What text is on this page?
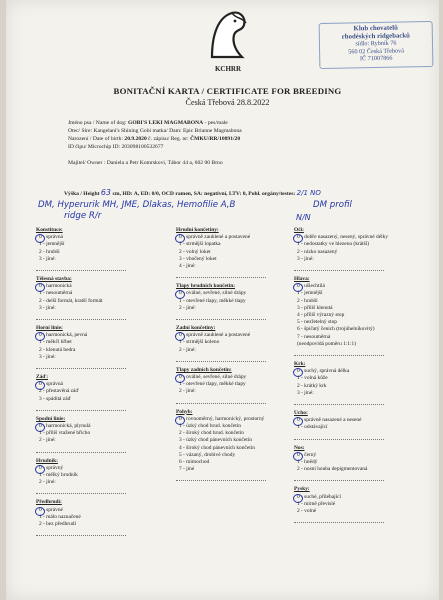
KCHRR
Klub chovatelů
rhodéských ridgebacků
sídlo: Rybník 76
560 02 Česká Třebová
IČ 71007866
BONITAČNÍ KARTA / CERTIFICATE FOR BREEDING
Česká Třebová 28.8.2022
Jméno psa / Name of dog: GOBI'S LEKI MAGMABONA - pes/male
Otec/ Sire: Kangelani's Shining Gobi matka/ Dam: Epic Brianne Magmabona
Narození / Date of birth: 20.9.2020 č. zápisu/ Reg. nr: ČMKU/RR/10891/20
ID čipu/ Microchip ID: 203098100532677
Majitel/ Owner : Daniela a Petr Komrskovi, Tábor 44 a, 602 00 Brno
Výška / Height 63 cm, HD: A, ED: 0/0, OCD ramen, SA: negativní, LTV: 0, Pohl. orgány/testes: 2/1 NO
DM, Hyperurik MH, JME, Dlakas, Hemofilie A,B	DM profil
ridge R/r	N/N
Konstituce:
0 - správná
1 - jemnější
2 - hrubší
3 - jiné:
Tělesná stavba:
0 - harmonická
1 - nesouměrná
2 - delší formát, kratší formát
3 - jiné:
Horní linie:
0 - harmonická, pevná
1 - měkčí hřbet
2 - klenutá bedra
3 - jiné:
Záď:
0 - správná
2 - přestavěná záď
3 - spáditá záď
Spodní linie:
0 - harmonická, plynulá
1 - příliš vtažené břicho
2 - jiné:
Hrudník:
0 - správný
1 - mělký hrudník
2 - jiné:
Předhrudí:
0 - správné
1 - málo naznačené
2 - bez předhrudí
Hrudní končetiny:
0 - správně zauhlené a postavené
1 - strmější lopatka
2 - volný loket
3 - vbočený loket
4 - jiné:
Tlapy hrudních končetin:
0 - oválné, sevřené, silné drápy
1 - otevřené tlapy, měkké tlapy
2 - jiné:
Zadní končetiny:
0 - správně zauhlené a postavené
1 - strmější koleno
2 - jiné:
Tlapy zadních končetin:
0 - oválné, sevřené, silné drápy
1 - otevřené tlapy, měkké tlapy
2 - jiné:
Pohyb:
0 - rovnoměrný, harmonický, prostorný
1 - úzký chod hrud. končetin
2 - široký chod hrud. končetin
3 - úzký chod pánevních končetin
4 - široký chod pánevních končetin
5 - vázaný, drobivé chody
6 - mimochod
7 - jiné
Oči:
0 - dobře nasazený, nesený, správné délky
1 - nedostatky ve hlezenu (krátší)
2 - nízko nasazený
3 - jiné:
Hlava:
0 - ušlechtilá
1 - jemnější
2 - hrubší
3 - příliš klenutá
4 - příliš výrazný stop
5 - nezřetelný stop
6 - špičatý čenich (trojúhelníkovitý)
7 - nesouměrná
(neodpovídá poměru 1:1:1)
Krk:
0 - suchý, správná délka
1 - volná kůže
2 - krátký krk
3 - jiné:
Ucho:
0 - správně nasazené a nesené
1 - odstávající
Nos:
0 - černý
1 - hnědý
2 - nosní houba depigmentovaná
Pysky:
0 - suché, přiléhající
1 - mírně převislé
2 - volné
